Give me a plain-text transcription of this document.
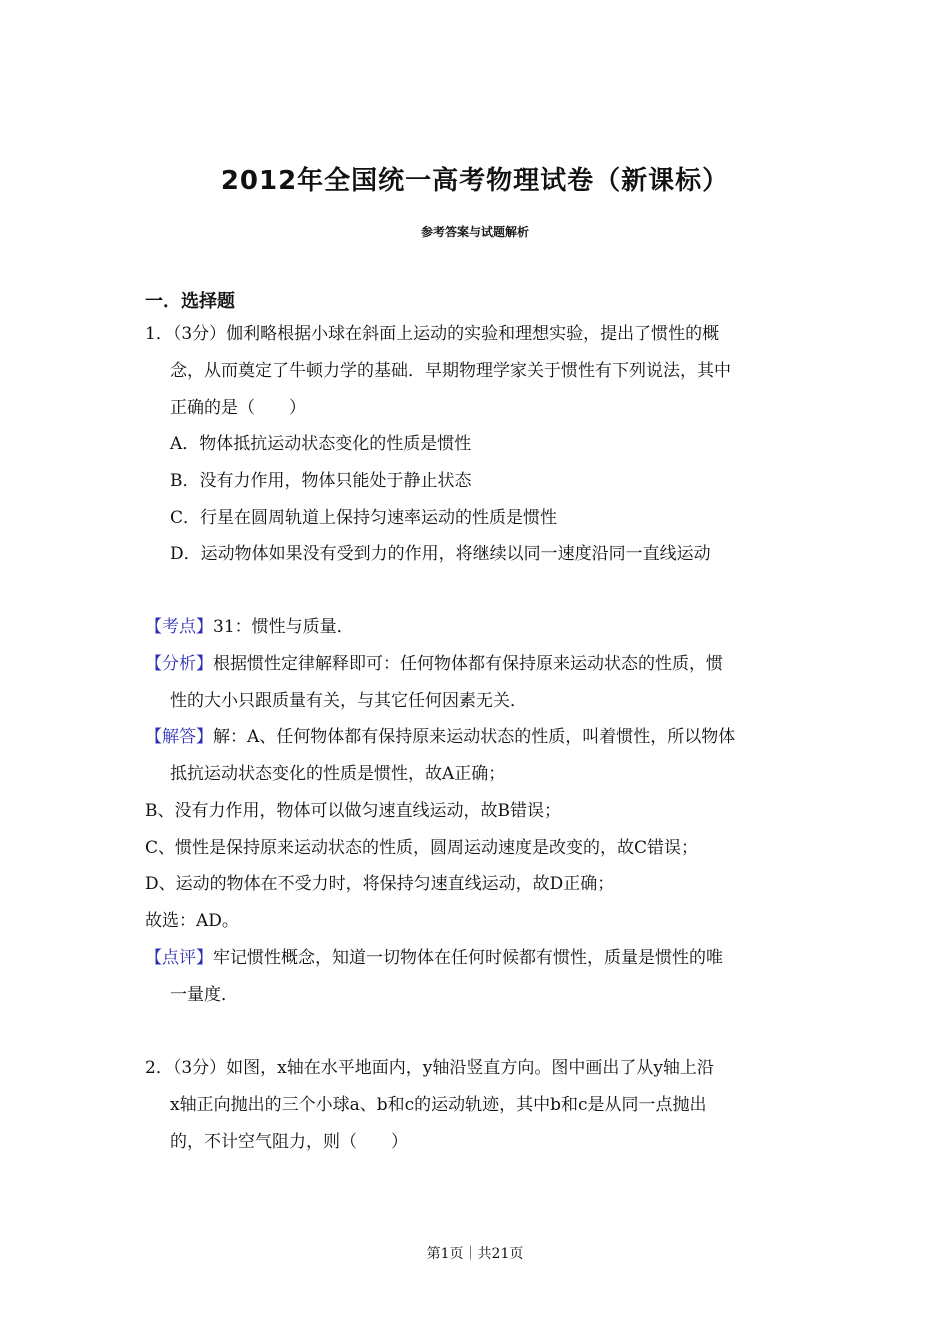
2012年全国统一高考物理试卷（新课标）
参考答案与试题解析
一．选择题
1．（3分）伽利略根据小球在斜面上运动的实验和理想实验，提出了惯性的概
念，从而奠定了牛顿力学的基础．早期物理学家关于惯性有下列说法，其中
正确的是（　　）
A．物体抵抗运动状态变化的性质是惯性
B．没有力作用，物体只能处于静止状态
C．行星在圆周轨道上保持匀速率运动的性质是惯性
D．运动物体如果没有受到力的作用，将继续以同一速度沿同一直线运动
【考点】31：惯性与质量．
【分析】根据惯性定律解释即可：任何物体都有保持原来运动状态的性质，惯
性的大小只跟质量有关，与其它任何因素无关．
【解答】解：A、任何物体都有保持原来运动状态的性质，叫着惯性，所以物体
抵抗运动状态变化的性质是惯性，故A正确；
B、没有力作用，物体可以做匀速直线运动，故B错误；
C、惯性是保持原来运动状态的性质，圆周运动速度是改变的，故C错误；
D、运动的物体在不受力时，将保持匀速直线运动，故D正确；
故选：AD。
【点评】牢记惯性概念，知道一切物体在任何时候都有惯性，质量是惯性的唯
一量度．
2．（3分）如图，x轴在水平地面内，y轴沿竖直方向。图中画出了从y轴上沿
x轴正向抛出的三个小球a、b和c的运动轨迹，其中b和c是从同一点抛出
的，不计空气阻力，则（　　）
第1页｜共21页
